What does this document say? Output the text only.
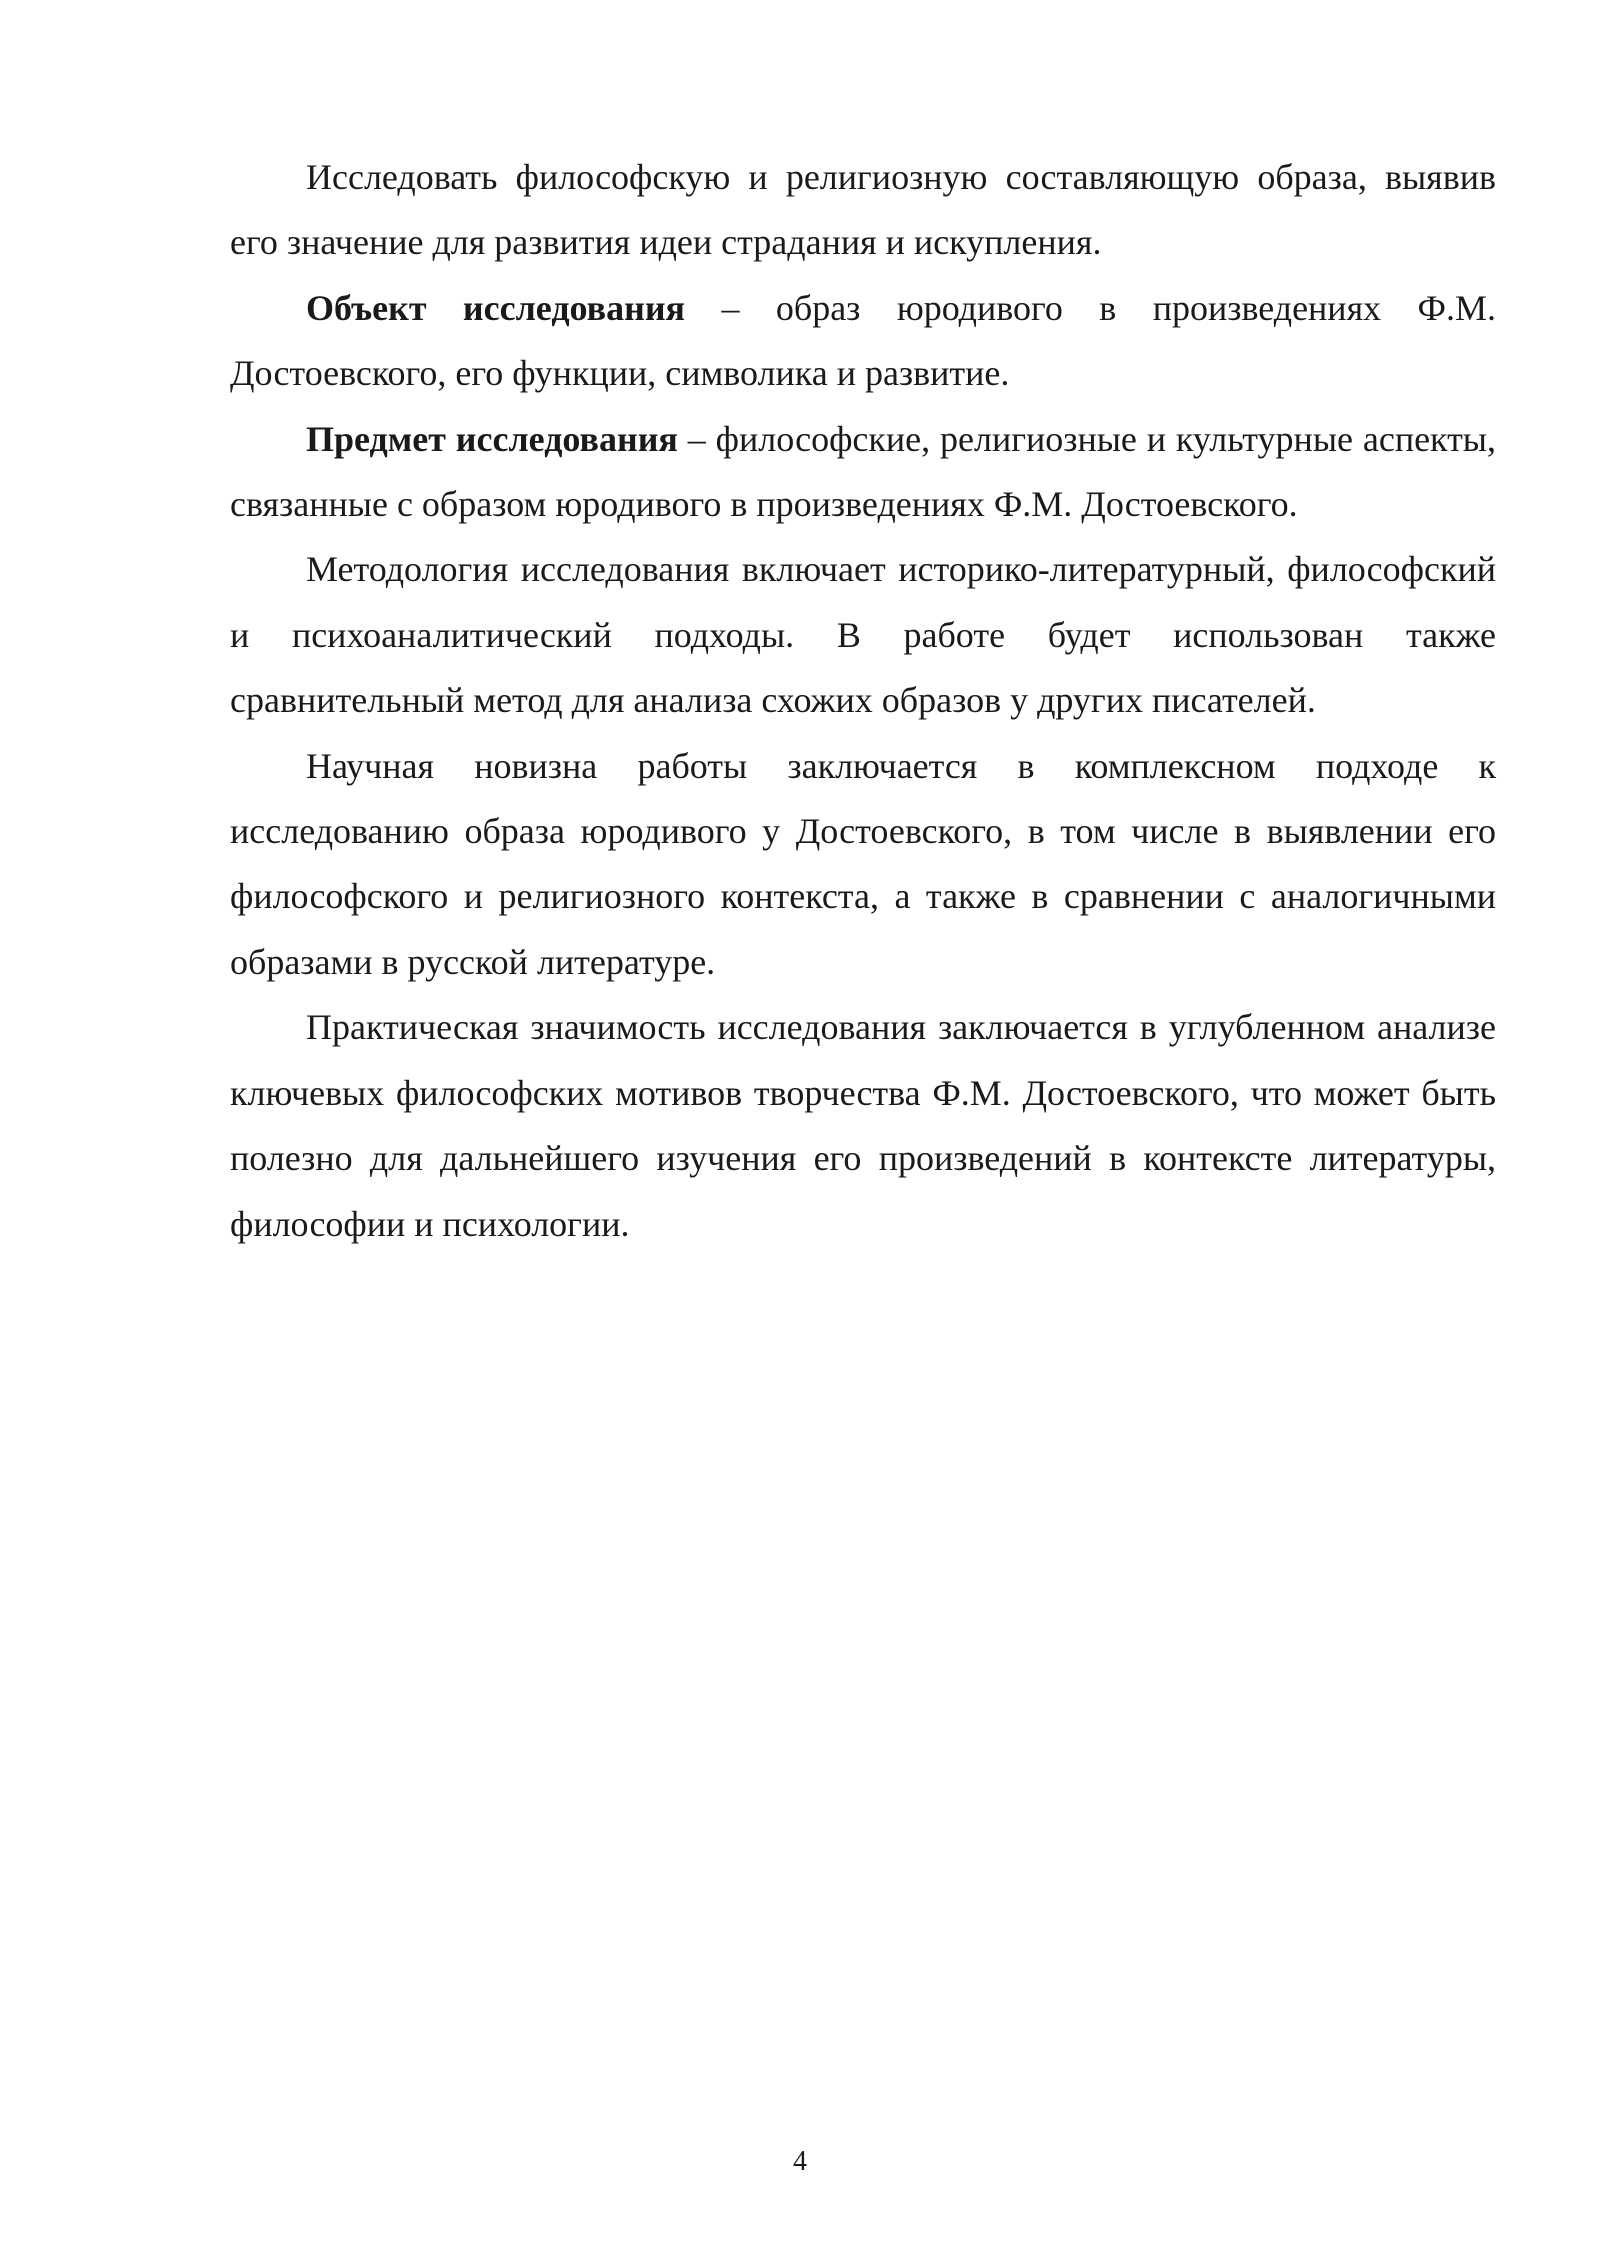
Исследовать философскую и религиозную составляющую образа, выявив его значение для развития идеи страдания и искупления.

Объект исследования – образ юродивого в произведениях Ф.М. Достоевского, его функции, символика и развитие.

Предмет исследования – философские, религиозные и культурные аспекты, связанные с образом юродивого в произведениях Ф.М. Достоевского.

Методология исследования включает историко-литературный, философский и психоаналитический подходы. В работе будет использован также сравнительный метод для анализа схожих образов у других писателей.

Научная новизна работы заключается в комплексном подходе к исследованию образа юродивого у Достоевского, в том числе в выявлении его философского и религиозного контекста, а также в сравнении с аналогичными образами в русской литературе.

Практическая значимость исследования заключается в углубленном анализе ключевых философских мотивов творчества Ф.М. Достоевского, что может быть полезно для дальнейшего изучения его произведений в контексте литературы, философии и психологии.

4
